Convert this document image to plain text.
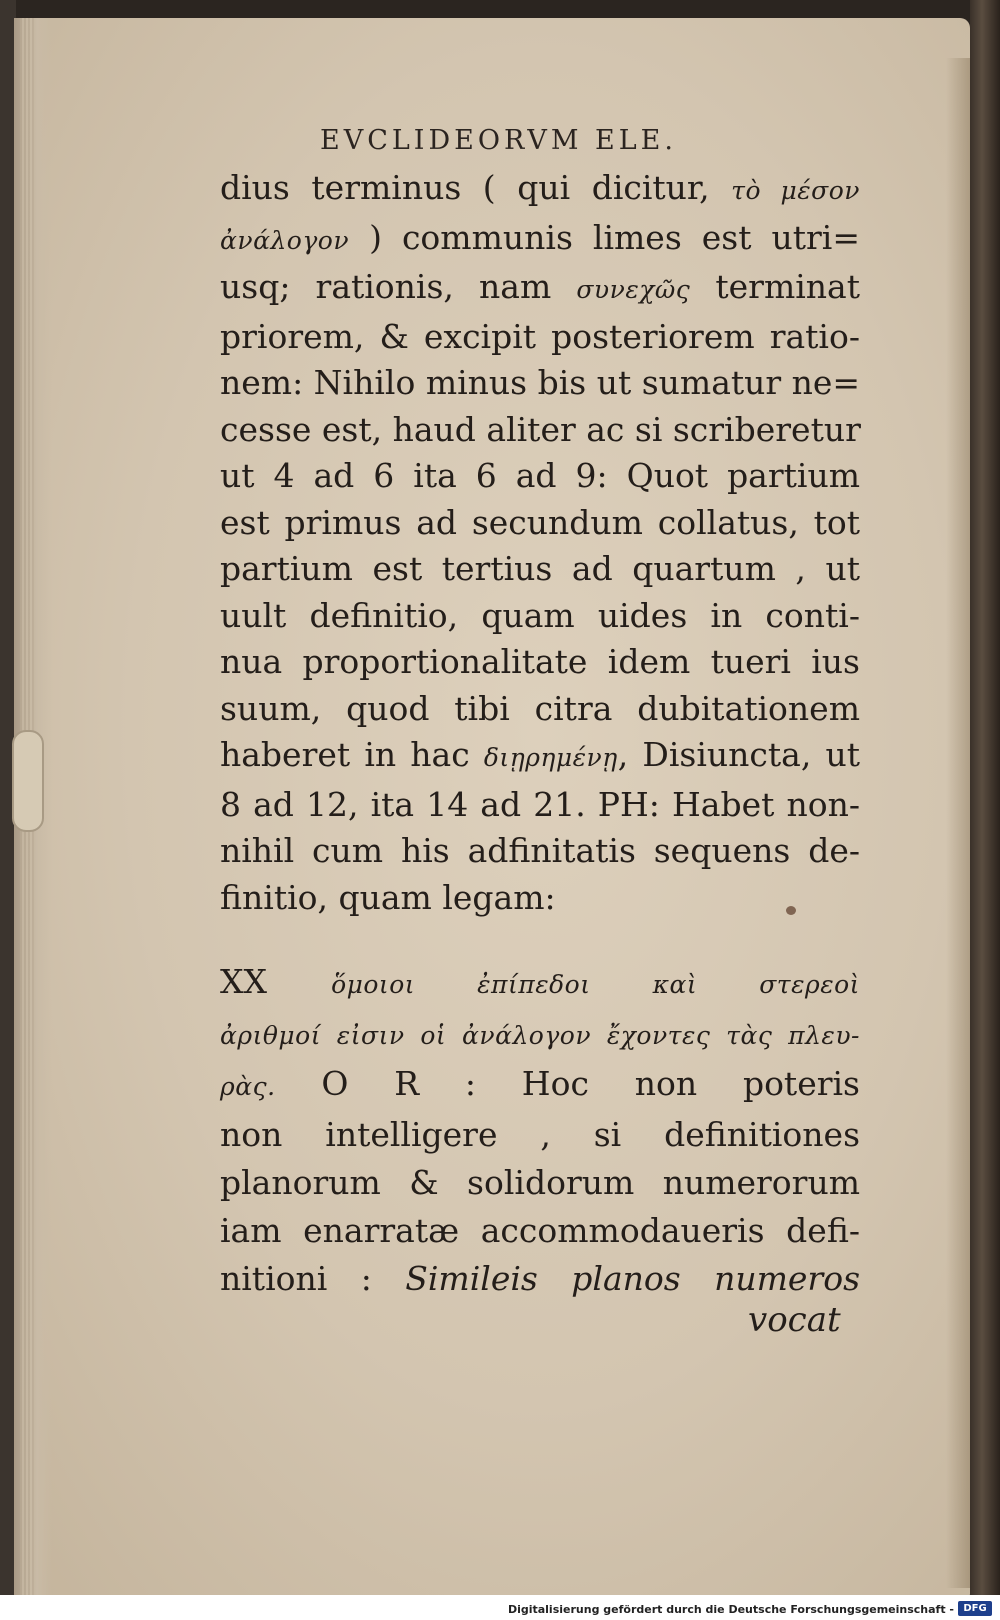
EVCLIDEORVM ELE.
dius terminus ( qui dicitur, τὸ μέσον
ἀνάλογον ) communis limes est utri=
usq; rationis, nam συνεχῶς terminat
priorem, & excipit posteriorem ratio-
nem: Nihilo minus bis ut sumatur ne=
cesse est, haud aliter ac si scriberetur
ut 4 ad 6 ita 6 ad 9: Quot partium
est primus ad secundum collatus, tot
partium est tertius ad quartum , ut
uult definitio, quam uides in conti-
nua proportionalitate idem tueri ius
suum, quod tibi citra dubitationem
haberet in hac διῃρημένῃ, Disiuncta, ut
8 ad 12, ita 14 ad 21. PH: Habet non-
nihil cum his adfinitatis sequens de-
finitio, quam legam:
XX ὅμοιοι ἐπίπεδοι καὶ στερεοὶ
ἀριθμοί εἰσιν οἱ ἀνάλογον ἔχοντες τὰς πλευ-
ρὰς. O R : Hoc non poteris
non intelligere , si definitiones
planorum & solidorum numerorum
iam enarratæ accommodaueris defi-
nitioni : Simileis planos numeros
vocat
Digitalisierung gefördert durch die Deutsche Forschungsgemeinschaft - DFG
